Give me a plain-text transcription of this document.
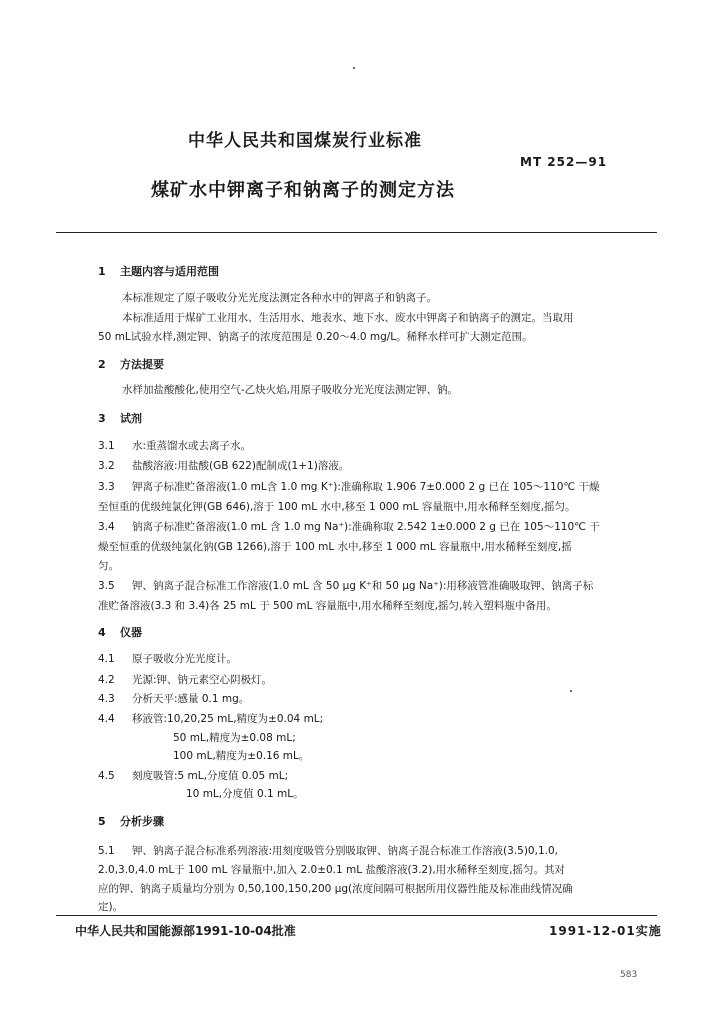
中华人民共和国煤炭行业标准
MT 252—91
煤矿水中钾离子和钠离子的测定方法
1 主题内容与适用范围
本标准规定了原子吸收分光光度法测定各种水中的钾离子和钠离子。
本标准适用于煤矿工业用水、生活用水、地表水、地下水、废水中钾离子和钠离子的测定。当取用
50 mL试验水样,测定钾、钠离子的浓度范围是 0.20～4.0 mg/L。稀释水样可扩大测定范围。
2 方法提要
水样加盐酸酸化,使用空气-乙炔火焰,用原子吸收分光光度法测定钾、钠。
3 试剂
3.1 水:重蒸馏水或去离子水。
3.2 盐酸溶液:用盐酸(GB 622)配制成(1+1)溶液。
3.3 钾离子标准贮备溶液(1.0 mL含 1.0 mg K⁺):准确称取 1.906 7±0.000 2 g 已在 105～110℃ 干燥
至恒重的优级纯氯化钾(GB 646),溶于 100 mL 水中,移至 1 000 mL 容量瓶中,用水稀释至刻度,摇匀。
3.4 钠离子标准贮备溶液(1.0 mL 含 1.0 mg Na⁺):准确称取 2.542 1±0.000 2 g 已在 105～110℃ 干
燥至恒重的优级纯氯化钠(GB 1266),溶于 100 mL 水中,移至 1 000 mL 容量瓶中,用水稀释至刻度,摇
匀。
3.5 钾、钠离子混合标准工作溶液(1.0 mL 含 50 μg K⁺和 50 μg Na⁺):用移液管准确吸取钾、钠离子标
准贮备溶液(3.3 和 3.4)各 25 mL 于 500 mL 容量瓶中,用水稀释至刻度,摇匀,转入塑料瓶中备用。
4 仪器
4.1 原子吸收分光光度计。
4.2 光源:钾、钠元素空心阴极灯。
4.3 分析天平:感量 0.1 mg。
4.4 移液管:10,20,25 mL,精度为±0.04 mL;
50 mL,精度为±0.08 mL;
100 mL,精度为±0.16 mL。
4.5 刻度吸管:5 mL,分度值 0.05 mL;
10 mL,分度值 0.1 mL。
5 分析步骤
5.1 钾、钠离子混合标准系列溶液:用刻度吸管分别吸取钾、钠离子混合标准工作溶液(3.5)0,1.0,
2.0,3.0,4.0 mL于 100 mL 容量瓶中,加入 2.0±0.1 mL 盐酸溶液(3.2),用水稀释至刻度,摇匀。其对
应的钾、钠离子质量均分别为 0,50,100,150,200 μg(浓度间隔可根据所用仪器性能及标准曲线情况确
定)。
中华人民共和国能源部1991-10-04批准	1991-12-01实施
583
